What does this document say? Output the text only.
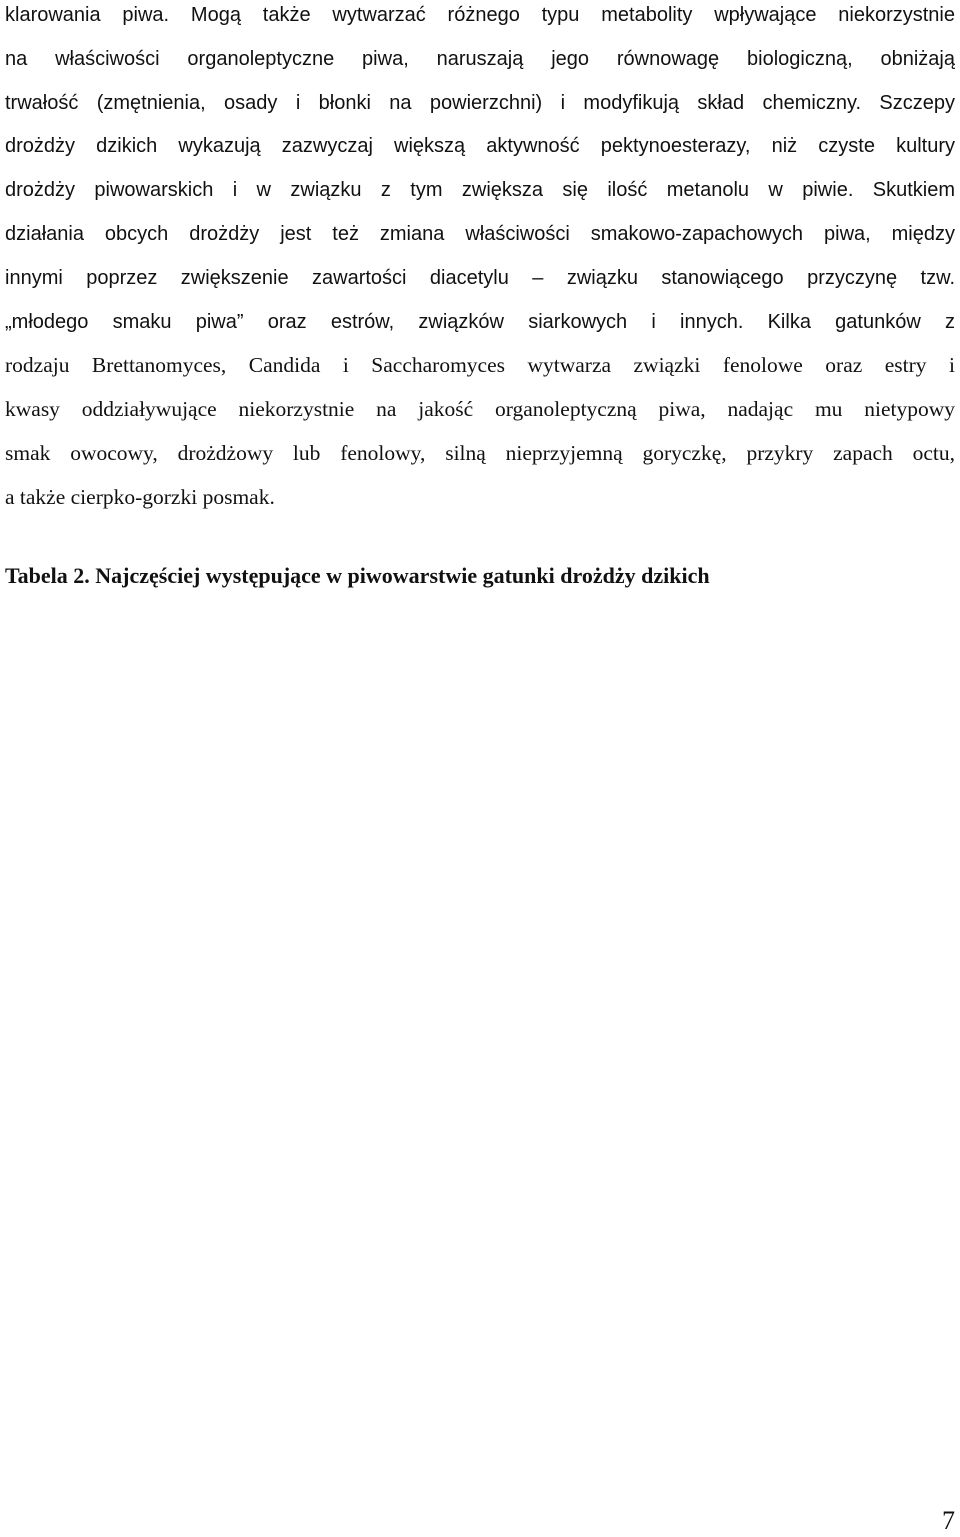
klarowania piwa. Mogą także wytwarzać różnego typu metabolity wpływające niekorzystnie
na właściwości organoleptyczne piwa, naruszają jego równowagę biologiczną, obniżają
trwałość (zmętnienia, osady i błonki na powierzchni) i modyfikują skład chemiczny. Szczepy
drożdży dzikich wykazują zazwyczaj większą aktywność pektynoesterazy, niż czyste kultury
drożdży piwowarskich i w związku z tym zwiększa się ilość metanolu w piwie. Skutkiem
działania obcych drożdży jest też zmiana właściwości smakowo-zapachowych piwa, między
innymi poprzez zwiększenie zawartości diacetylu – związku stanowiącego przyczynę tzw.
„młodego smaku piwa” oraz estrów, związków siarkowych i innych. Kilka gatunków z
rodzaju Brettanomyces, Candida i Saccharomyces wytwarza związki fenolowe oraz estry i
kwasy oddziaływujące niekorzystnie na jakość organoleptyczną piwa, nadając mu nietypowy
smak owocowy, drożdżowy lub fenolowy, silną nieprzyjemną goryczkę, przykry zapach octu,
a także cierpko-gorzki posmak.

Tabela 2. Najczęściej występujące w piwowarstwie gatunki drożdży dzikich

7
